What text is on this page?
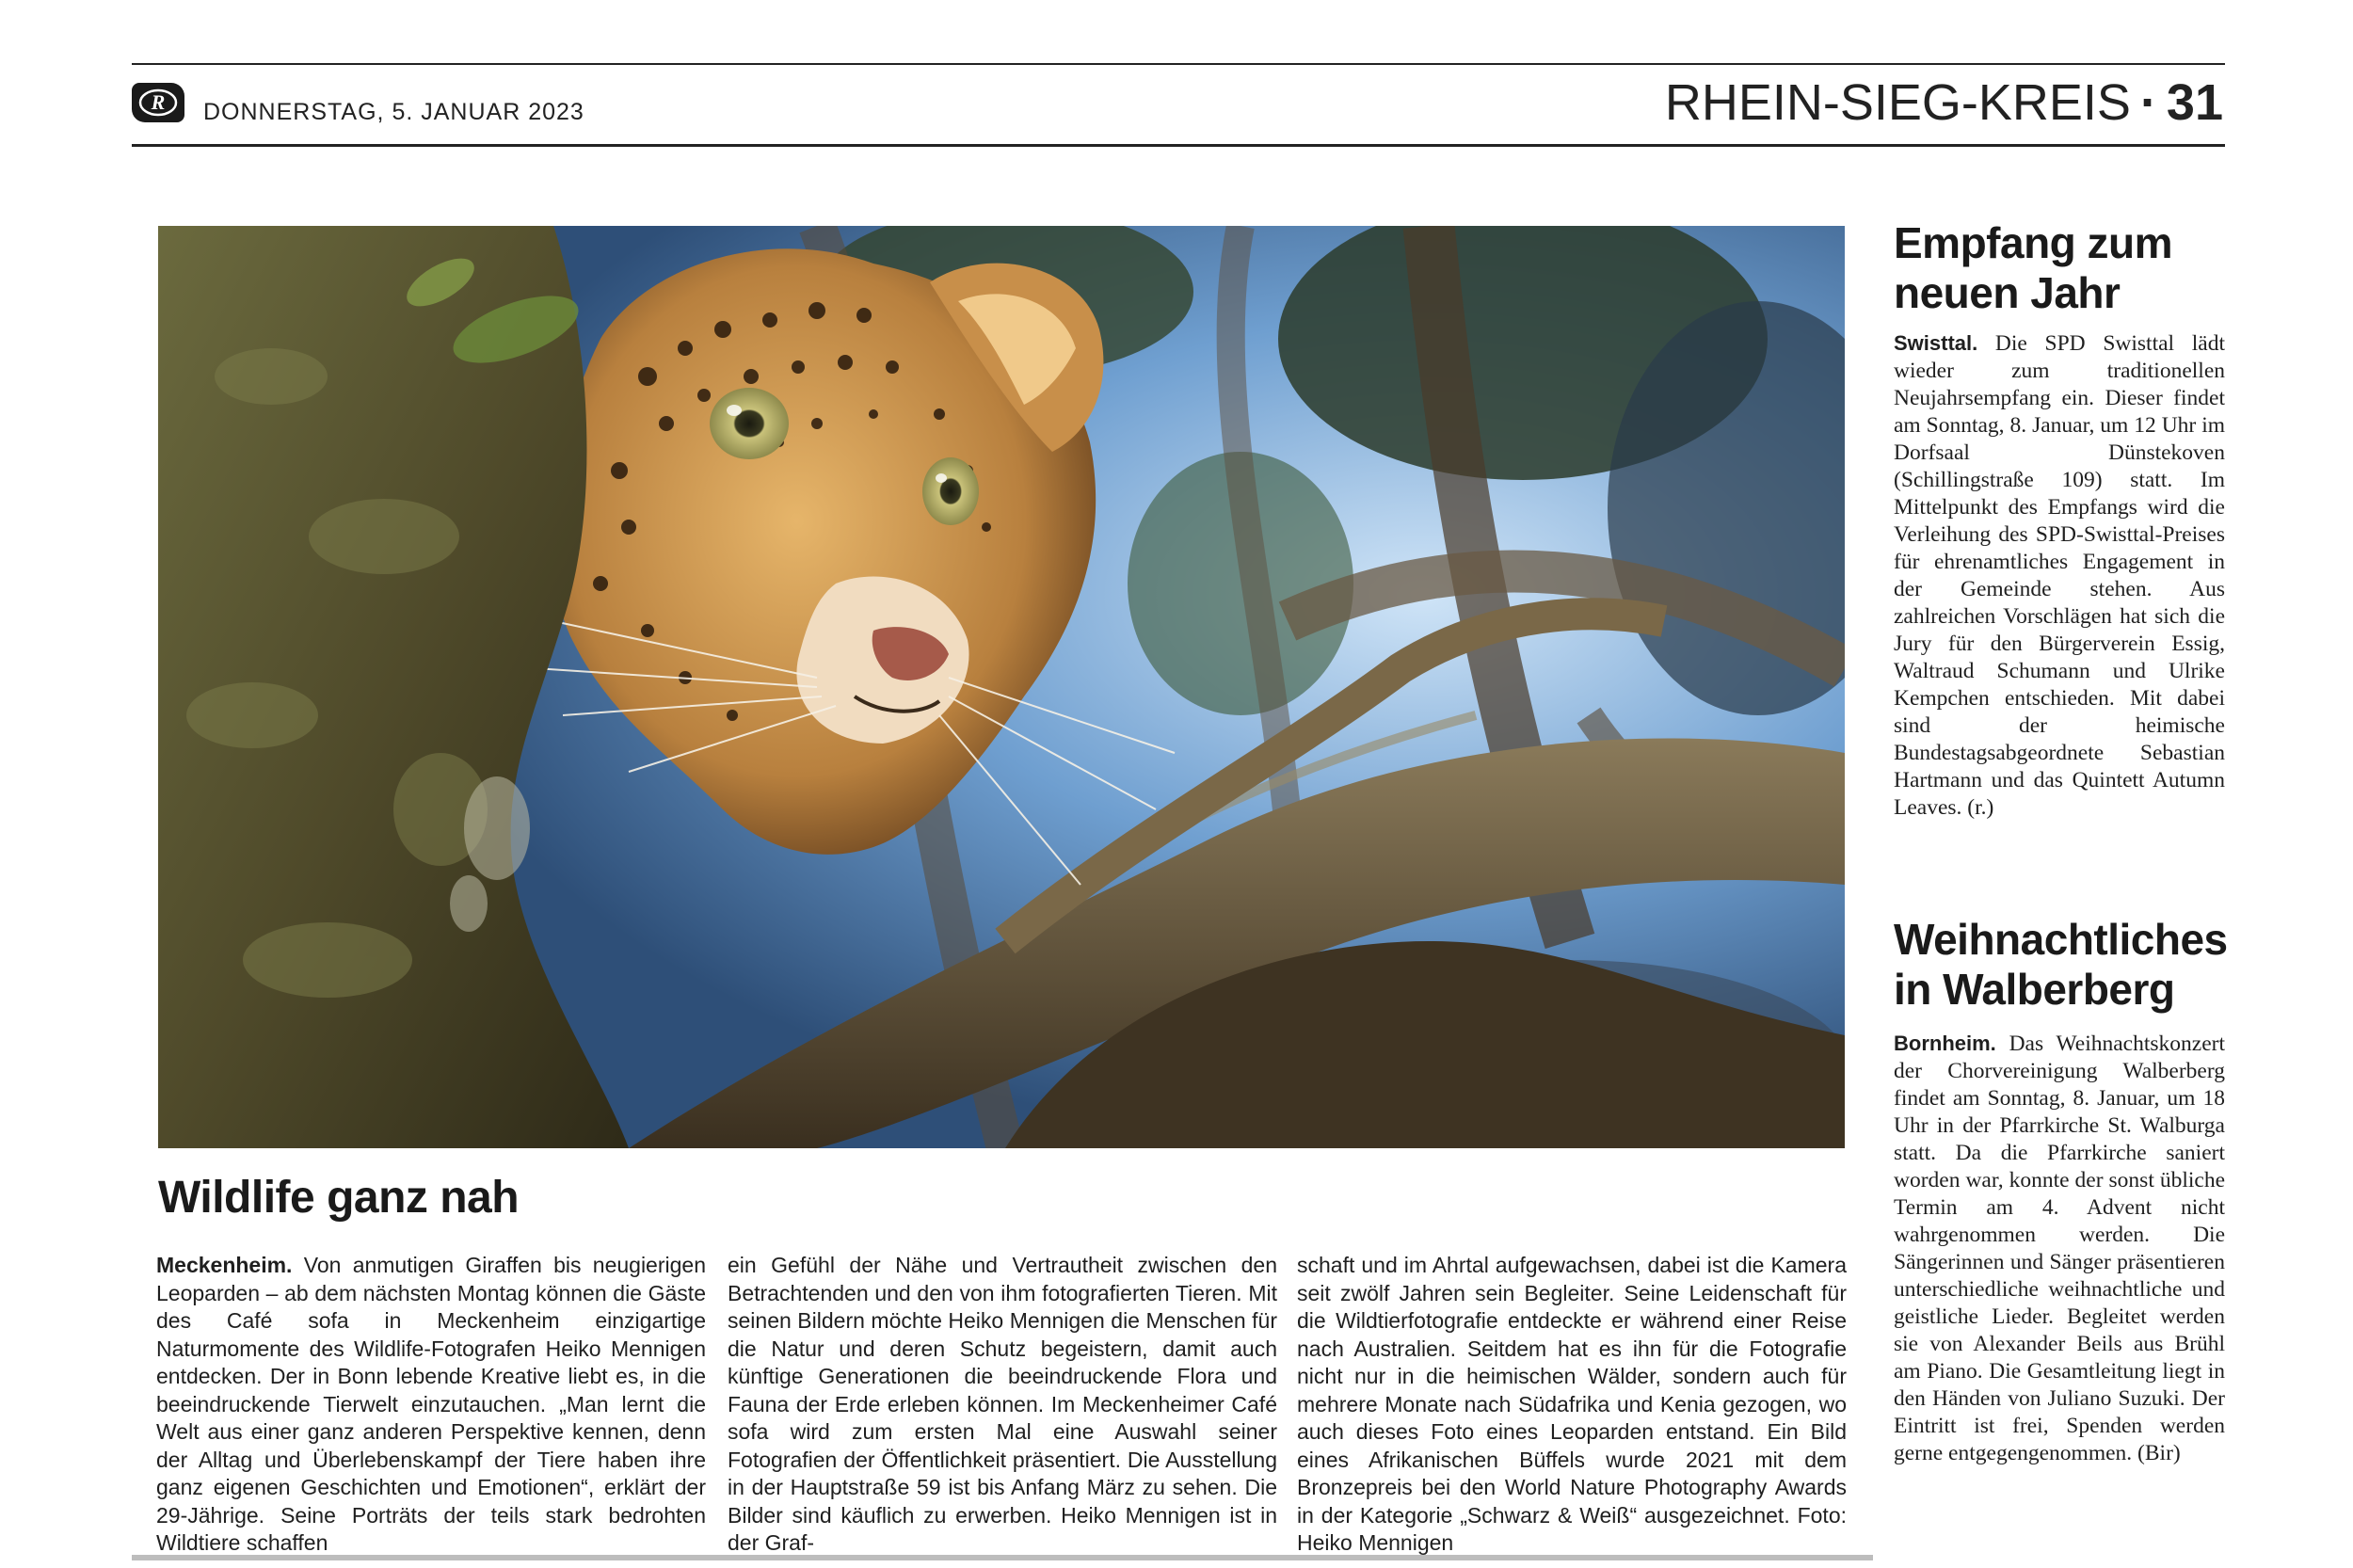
R DONNERSTAG, 5. JANUAR 2023	RHEIN-SIEG-KREIS · 31
Wildlife ganz nah
Meckenheim. Von anmutigen Giraffen bis neugierigen Leoparden – ab dem nächsten Montag können die Gäste des Café sofa in Meckenheim einzigartige Naturmomente des Wildlife-Fotografen Heiko Mennigen entdecken. Der in Bonn lebende Kreative liebt es, in die beeindruckende Tierwelt einzutauchen. „Man lernt die Welt aus einer ganz anderen Perspektive kennen, denn der Alltag und Überlebenskampf der Tiere haben ihre ganz eigenen Geschichten und Emotionen“, erklärt der 29-Jährige. Seine Porträts der teils stark bedrohten Wildtiere schaffen
ein Gefühl der Nähe und Vertrautheit zwischen den Betrachtenden und den von ihm fotografierten Tieren. Mit seinen Bildern möchte Heiko Mennigen die Menschen für die Natur und deren Schutz begeistern, damit auch künftige Generationen die beeindruckende Flora und Fauna der Erde erleben können. Im Meckenheimer Café sofa wird zum ersten Mal eine Auswahl seiner Fotografien der Öffentlichkeit präsentiert. Die Ausstellung in der Hauptstraße 59 ist bis Anfang März zu sehen. Die Bilder sind käuflich zu erwerben. Heiko Mennigen ist in der Graf-
schaft und im Ahrtal aufgewachsen, dabei ist die Kamera seit zwölf Jahren sein Begleiter. Seine Leidenschaft für die Wildtierfotografie entdeckte er während einer Reise nach Australien. Seitdem hat es ihn für die Fotografie nicht nur in die heimischen Wälder, sondern auch für mehrere Monate nach Südafrika und Kenia gezogen, wo auch dieses Foto eines Leoparden entstand. Ein Bild eines Afrikanischen Büffels wurde 2021 mit dem Bronzepreis bei den World Nature Photography Awards in der Kategorie „Schwarz & Weiß“ ausgezeichnet. Foto: Heiko Mennigen
Empfang zum
neuen Jahr
Swisttal. Die SPD Swisttal lädt wieder zum traditionellen Neujahrsempfang ein. Dieser findet am Sonntag, 8. Januar, um 12 Uhr im Dorfsaal Dünstekoven (Schillingstraße 109) statt. Im Mittelpunkt des Empfangs wird die Verleihung des SPD-Swisttal-Preises für ehrenamtliches Engagement in der Gemeinde stehen. Aus zahlreichen Vorschlägen hat sich die Jury für den Bürgerverein Essig, Waltraud Schumann und Ulrike Kempchen entschieden. Mit dabei sind der heimische Bundestagsabgeordnete Sebastian Hartmann und das Quintett Autumn Leaves. (r.)
Weihnachtliches
in Walberberg
Bornheim. Das Weihnachtskonzert der Chorvereinigung Walberberg findet am Sonntag, 8. Januar, um 18 Uhr in der Pfarrkirche St. Walburga statt. Da die Pfarrkirche saniert worden war, konnte der sonst übliche Termin am 4. Advent nicht wahrgenommen werden. Die Sängerinnen und Sänger präsentieren unterschiedliche weihnachtliche und geistliche Lieder. Begleitet werden sie von Alexander Beils aus Brühl am Piano. Die Gesamtleitung liegt in den Händen von Juliano Suzuki. Der Eintritt ist frei, Spenden werden gerne entgegengenommen. (Bir)
